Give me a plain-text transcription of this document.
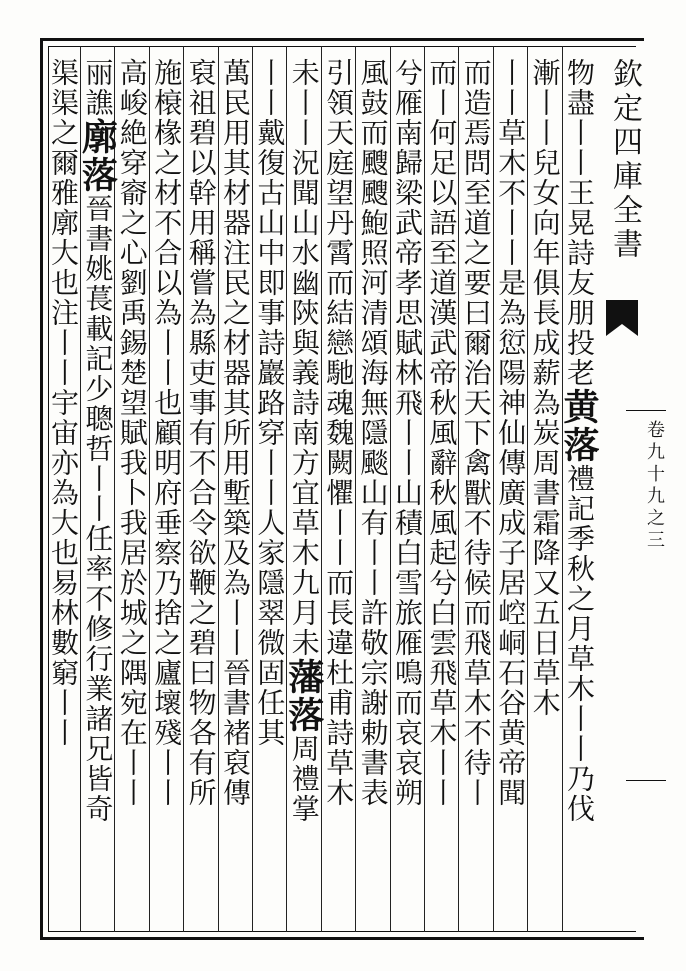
物盡丨丨王晃詩友朋投老黄落禮記季秋之月草木丨丨乃伐
漸丨丨兒女向年俱長成薪為炭周書霜降又五日草木
丨丨草木不丨丨是為愆陽神仙傳廣成子居崆峒石谷黄帝聞
而造焉問至道之要曰爾治天下禽獸不待候而飛草木不待丨
而丨何足以語至道漢武帝秋風辭秋風起兮白雲飛草木丨丨
兮雁南歸梁武帝孝思賦林飛丨丨山積白雪旅雁鳴而哀哀朔
風鼓而颼颼鮑照河清頌海無隱颷山有丨丨許敬宗謝勅書表
引領天庭望丹霄而結戀馳魂魏闕懼丨丨而長違杜甫詩草木
未丨丨況聞山水幽陝與義詩南方宜草木九月未藩落周禮掌
丨丨戴復古山中即事詩巖路穿丨丨人家隱翠微固任其
萬民用其材器注民之材器其所用塹築及為丨丨晉書褚裒傳
裒祖碧以幹用稱嘗為縣吏事有不合令欲鞭之碧曰物各有所
施榱椽之材不合以為丨丨也顧明府垂察乃捨之廬壞殘丨丨
高峻絶穿窬之心劉禹錫楚望賦我卜我居於城之隅宛在丨丨
丽譙廓落晉書姚萇載記少聰哲丨丨任率不修行業諸兄皆奇
渠渠之爾雅廓大也注丨丨宇宙亦為大也易林數窮丨丨	欽定四庫全書
卷九十九之三
